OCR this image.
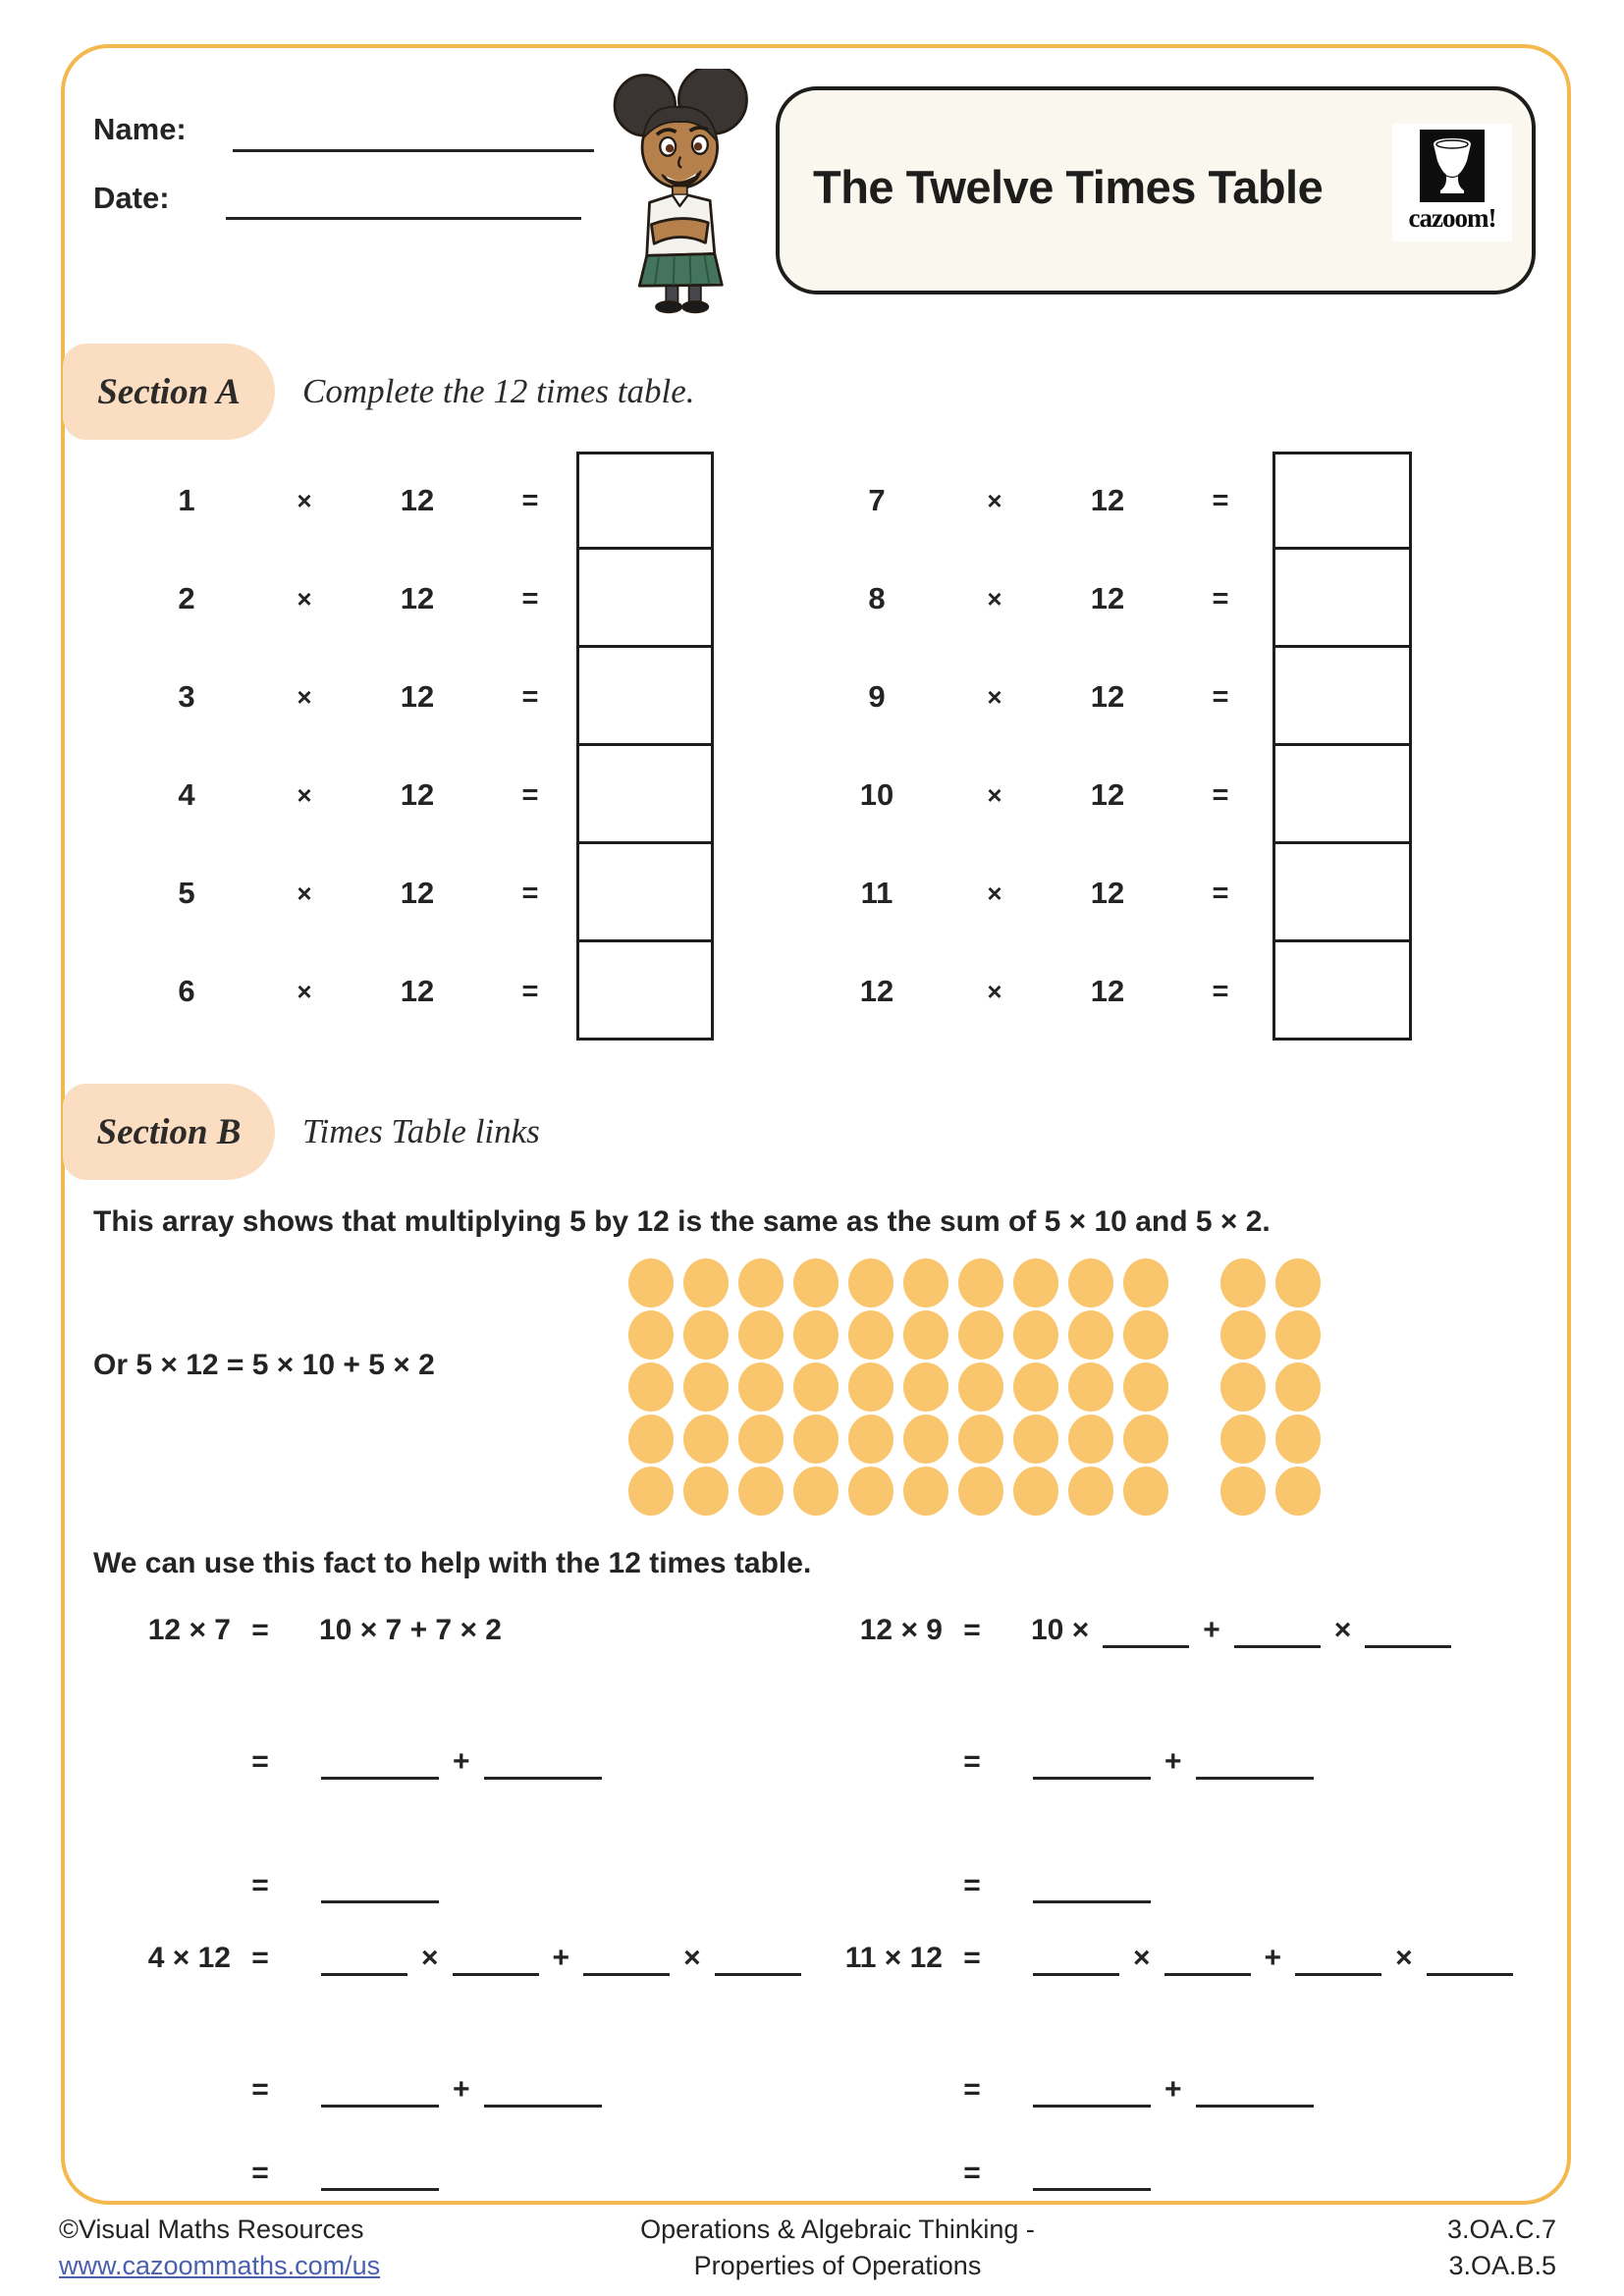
Name:
Date:	The Twelve Times Table
cazoom!
Section A Complete the 12 times table.
1	×	12	=
2	×	12	=
3	×	12	=
4	×	12	=
5	×	12	=
6	×	12	=
7	×	12	=
8	×	12	=
9	×	12	=
10	×	12	=
11	×	12	=
12	×	12	=
Section B Times Table links
This array shows that multiplying 5 by 12 is the same as the sum of 5 × 10 and 5 × 2.
Or 5 × 12 = 5 × 10 + 5 × 2
We can use this fact to help with the 12 times table.
12 × 7 =	10 × 7 + 7 × 2
=	+
=
12 × 9 =	10 ×	+	×
=	+
=
4 × 12 =	×	+	×
=	+
=
11 × 12 =	×	+	×
=	+
=
©Visual Maths Resources
www.cazoommaths.com/us
Operations & Algebraic Thinking -
Properties of Operations
3.OA.C.7
3.OA.B.5
